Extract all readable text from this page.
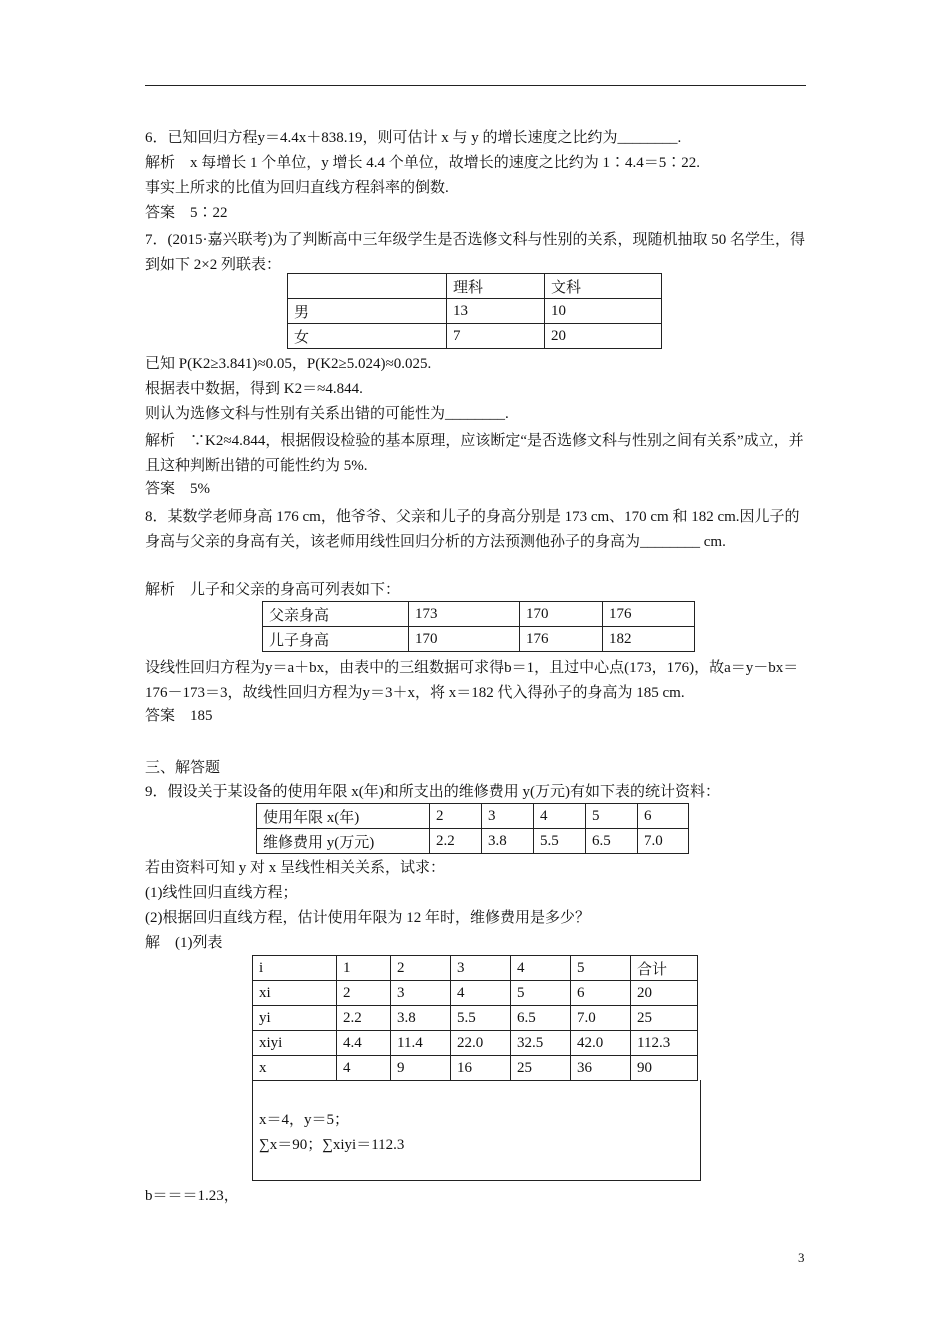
6．已知回归方程y＝4.4x＋838.19，则可估计 x 与 y 的增长速度之比约为________.
解析　x 每增长 1 个单位，y 增长 4.4 个单位，故增长的速度之比约为 1∶4.4＝5∶22.
事实上所求的比值为回归直线方程斜率的倒数.
答案　5∶22
7．(2015·嘉兴联考)为了判断高中三年级学生是否选修文科与性别的关系，现随机抽取 50 名学生，得到如下 2×2 列联表：
	理科	文科
男	13	10
女	7	20
已知 P(K2≥3.841)≈0.05，P(K2≥5.024)≈0.025.
根据表中数据，得到 K2＝≈4.844.
则认为选修文科与性别有关系出错的可能性为________.
解析　∵K2≈4.844，根据假设检验的基本原理，应该断定“是否选修文科与性别之间有关系”成立，并且这种判断出错的可能性约为 5%.
答案　5%
8．某数学老师身高 176 cm，他爷爷、父亲和儿子的身高分别是 173 cm、170 cm 和 182 cm.因儿子的身高与父亲的身高有关，该老师用线性回归分析的方法预测他孙子的身高为________ cm.
解析　儿子和父亲的身高可列表如下：
父亲身高	173	170	176
儿子身高	170	176	182
设线性回归方程为y＝a＋bx，由表中的三组数据可求得b＝1，且过中心点(173，176)，故a＝y－bx＝176－173＝3，故线性回归方程为y＝3＋x，将 x＝182 代入得孙子的身高为 185 cm.
答案　185
三、解答题
9．假设关于某设备的使用年限 x(年)和所支出的维修费用 y(万元)有如下表的统计资料：
使用年限 x(年)	2	3	4	5	6
维修费用 y(万元)	2.2	3.8	5.5	6.5	7.0
若由资料可知 y 对 x 呈线性相关关系，试求：
(1)线性回归直线方程；
(2)根据回归直线方程，估计使用年限为 12 年时，维修费用是多少？
解　(1)列表
i	1	2	3	4	5	合计
xi	2	3	4	5	6	20
yi	2.2	3.8	5.5	6.5	7.0	25
xiyi	4.4	11.4	22.0	32.5	42.0	112.3
x	4	9	16	25	36	90
x＝4，y＝5；
∑x＝90；∑xiyi＝112.3
b＝＝＝1.23，
3
